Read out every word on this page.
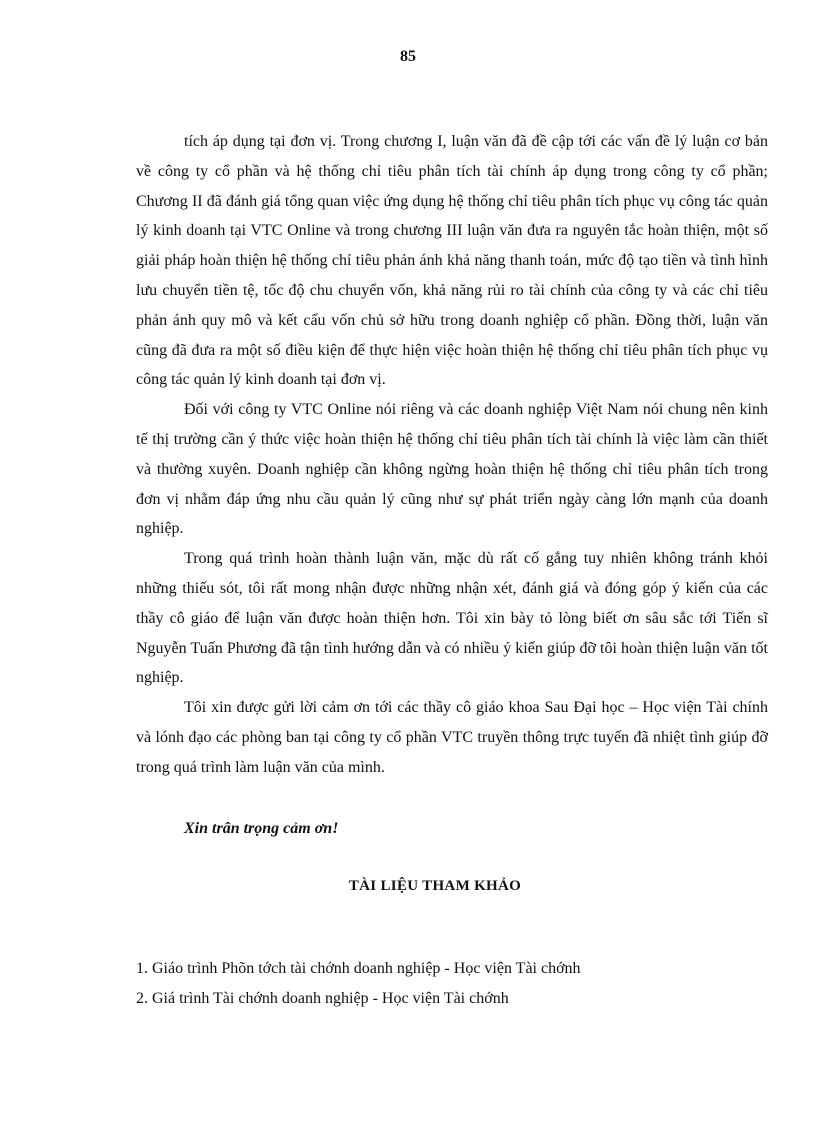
85

tích áp dụng tại đơn vị. Trong chương I, luận văn đã đề cập tới các vấn đề lý luận cơ bản về công ty cổ phần và hệ thống chỉ tiêu phân tích tài chính áp dụng trong công ty cổ phần; Chương II đã đánh giá tổng quan việc ứng dụng hệ thống chỉ tiêu phân tích phục vụ công tác quản lý kinh doanh tại VTC Online và trong chương III luận văn đưa ra nguyên tắc hoàn thiện, một số giải pháp hoàn thiện hệ thống chỉ tiêu phản ánh khả năng thanh toán, mức độ tạo tiền và tình hình lưu chuyển tiền tệ, tốc độ chu chuyển vốn, khả năng rủi ro tài chính của công ty và các chỉ tiêu phản ánh quy mô và kết cấu vốn chủ sở hữu trong doanh nghiệp cổ phần. Đồng thời, luận văn cũng đã đưa ra một số điều kiện để thực hiện việc hoàn thiện hệ thống chỉ tiêu phân tích phục vụ công tác quản lý kinh doanh tại đơn vị.

Đối với công ty VTC Online nói riêng và các doanh nghiệp Việt Nam nói chung nên kinh tế thị trường cần ý thức việc hoàn thiện hệ thống chỉ tiêu phân tích tài chính là việc làm cần thiết và thường xuyên. Doanh nghiệp cần không ngừng hoàn thiện hệ thống chỉ tiêu phân tích trong đơn vị nhằm đáp ứng nhu cầu quản lý cũng như sự phát triển ngày càng lớn mạnh của doanh nghiệp.

Trong quá trình hoàn thành luận văn, mặc dù rất cố gắng tuy nhiên không tránh khỏi những thiếu sót, tôi rất mong nhận được những nhận xét, đánh giá và đóng góp ý kiến của các thầy cô giáo để luận văn được hoàn thiện hơn. Tôi xin bày tỏ lòng biết ơn sâu sắc tới Tiến sĩ Nguyễn Tuấn Phương đã tận tình hướng dẫn và có nhiều ý kiến giúp đỡ tôi hoàn thiện luận văn tốt nghiệp.

Tôi xin được gửi lời cảm ơn tới các thầy cô giáo khoa Sau Đại học – Học viện Tài chính và lónh đạo các phòng ban tại công ty cổ phần VTC truyền thông trực tuyến đã nhiệt tình giúp đỡ trong quá trình làm luận văn của mình.

Xin trân trọng cảm ơn!
TÀI LIỆU THAM KHẢO
1. Giáo trình Phõn tớch tài chớnh doanh nghiệp - Học viện Tài chớnh
2. Giá trình Tài chớnh doanh nghiệp - Học viện Tài chớnh
